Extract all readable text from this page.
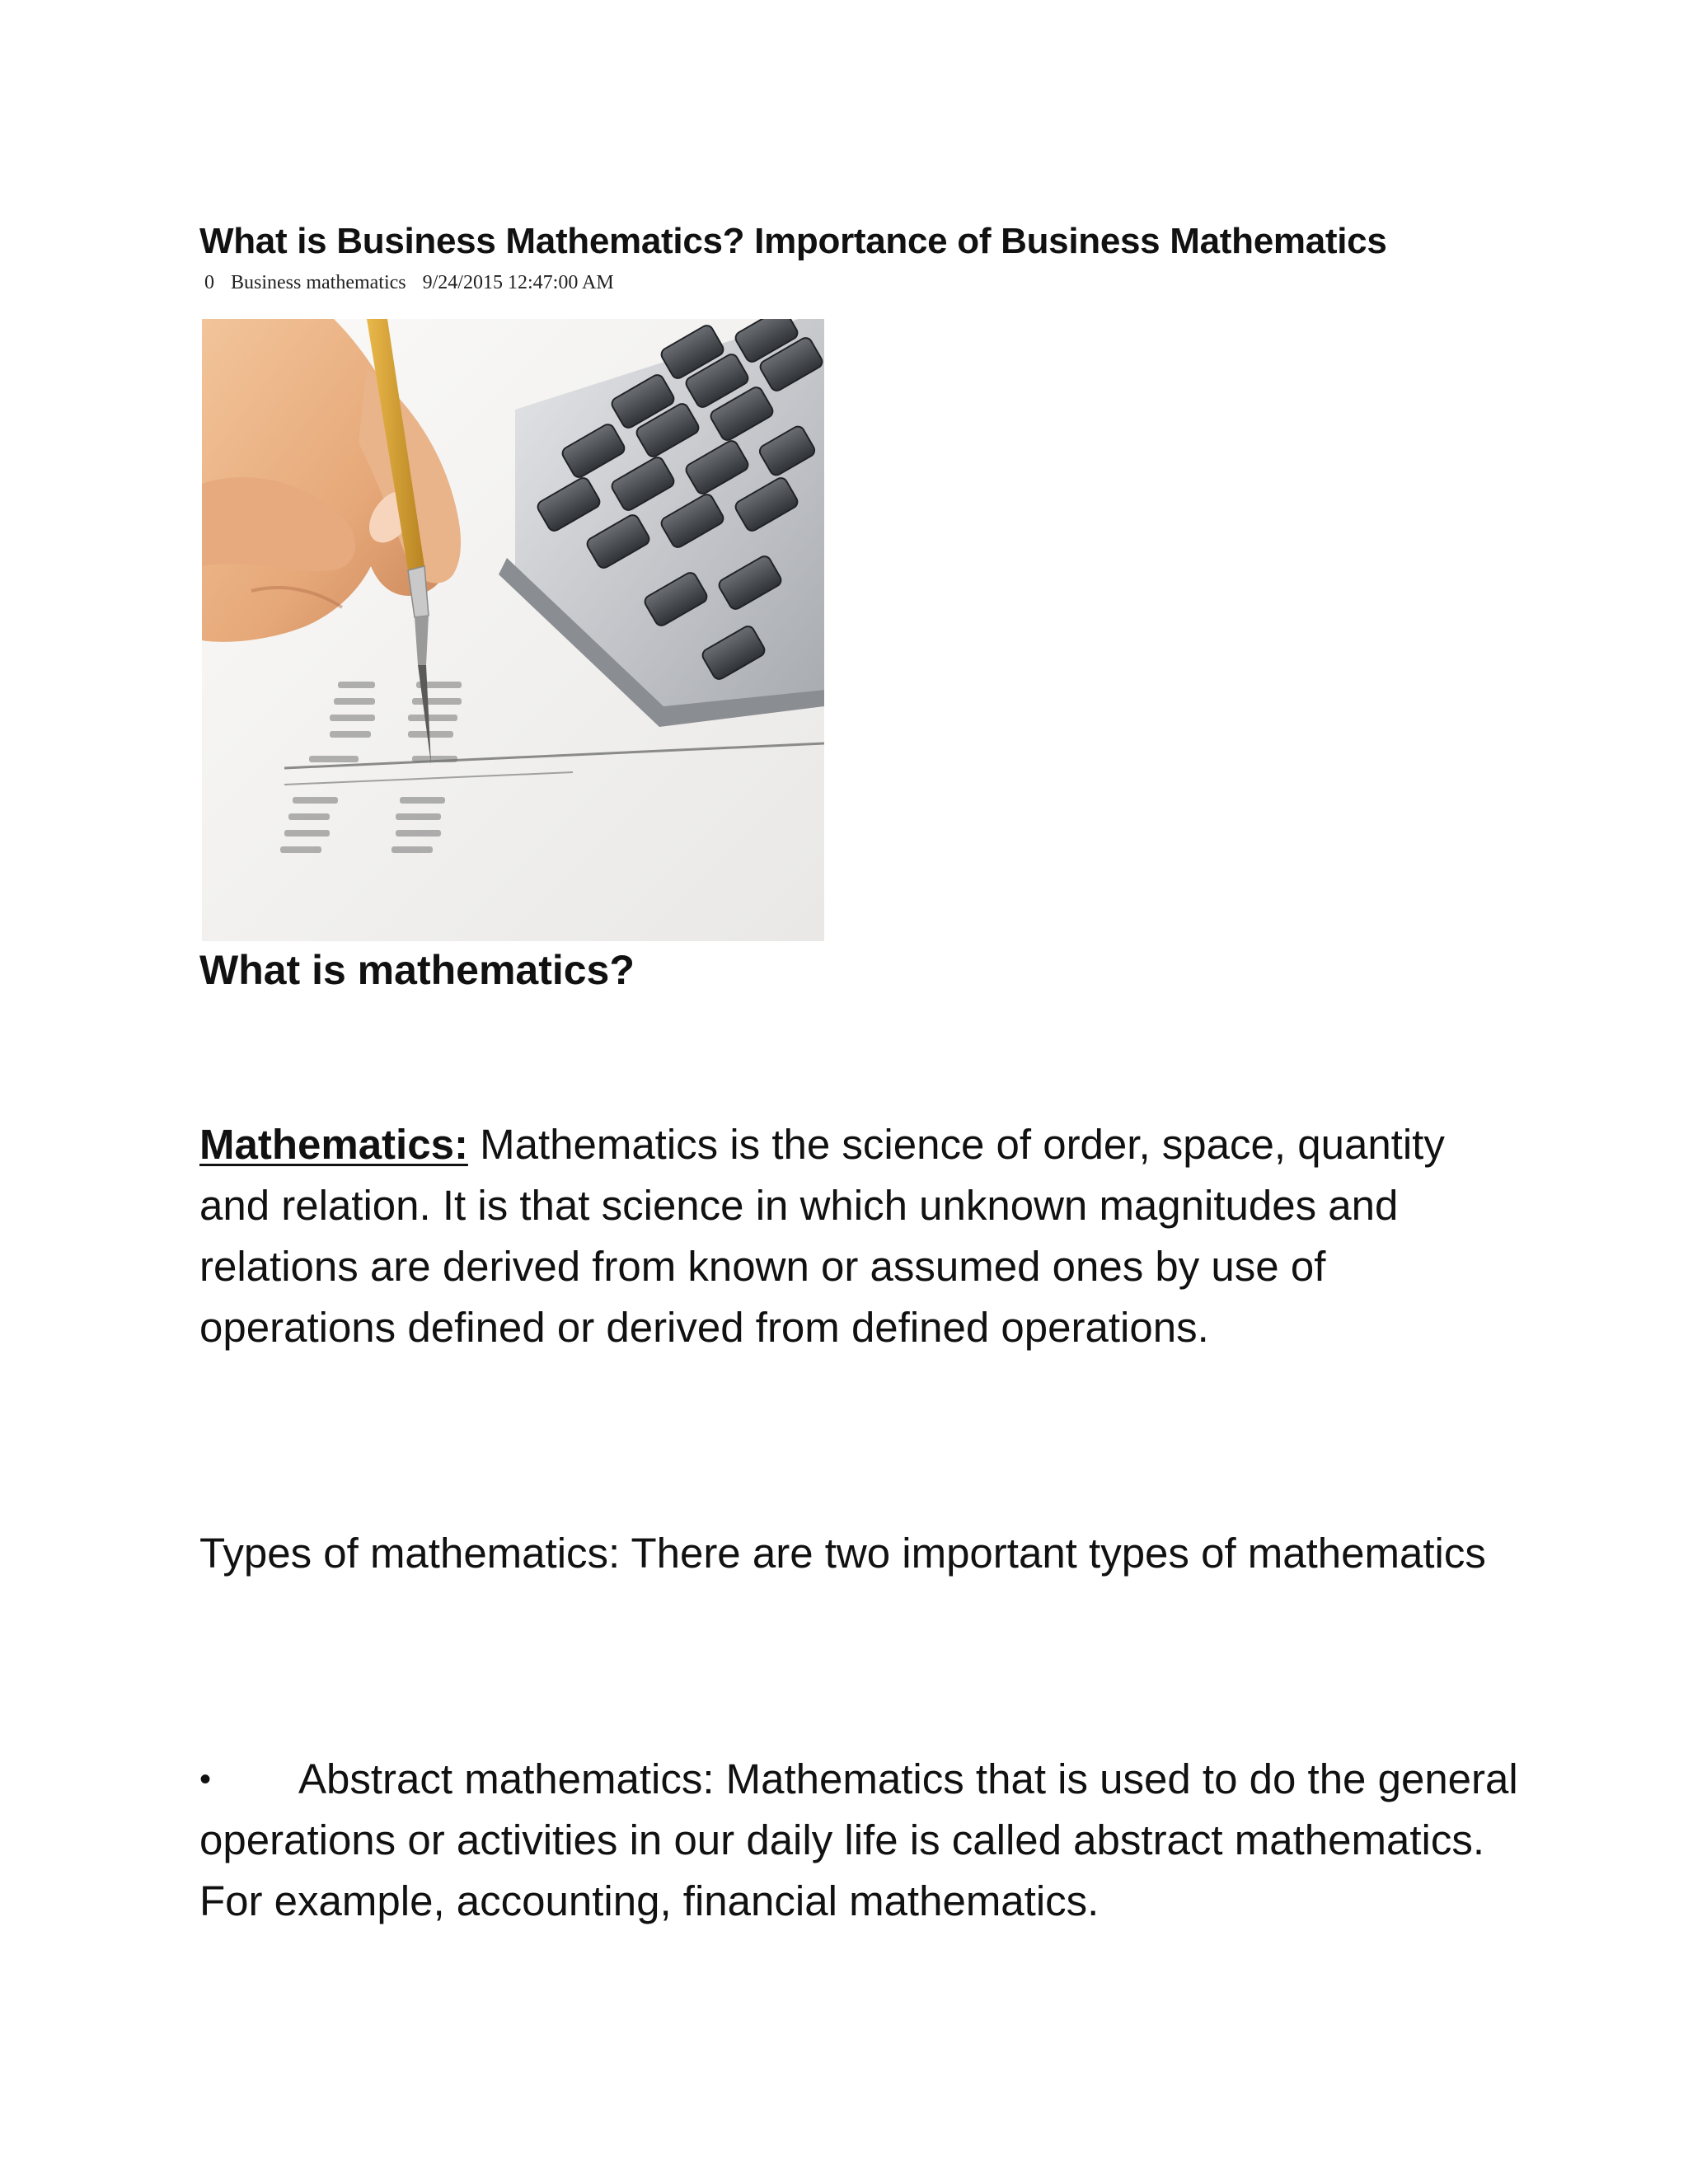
What is Business Mathematics? Importance of Business Mathematics
0 Business mathematics 9/24/2015 12:47:00 AM
What is mathematics?

Mathematics: Mathematics is the science of order, space, quantity and relation. It is that science in which unknown magnitudes and relations are derived from known or assumed ones by use of operations defined or derived from defined operations.

Types of mathematics: There are two important types of mathematics

• Abstract mathematics: Mathematics that is used to do the general operations or activities in our daily life is called abstract mathematics. For example, accounting, financial mathematics.
